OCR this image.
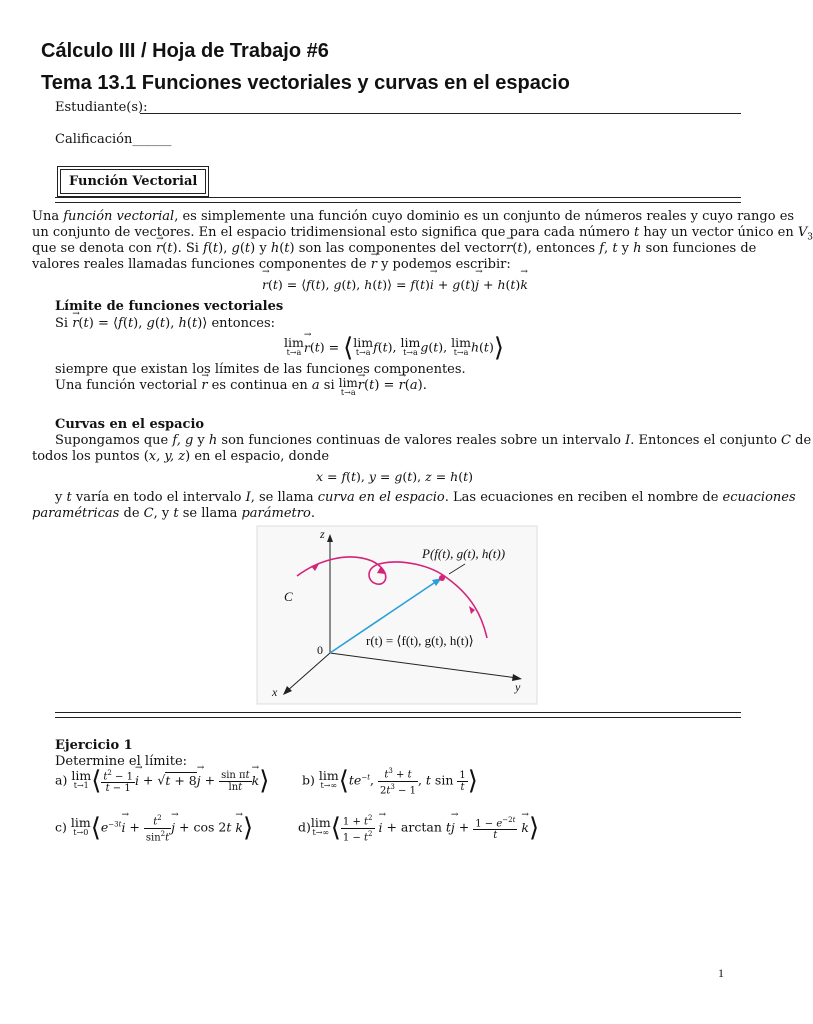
Cálculo III / Hoja de Trabajo #6
Tema 13.1 Funciones vectoriales y curvas en el espacio
Estudiante(s):
Calificación______
Función Vectorial
Una función vectorial, es simplemente una función cuyo dominio es un conjunto de números reales y cuyo rango es
un conjunto de vectores. En el espacio tridimensional esto significa que para cada número t hay un vector único en $V_3$
que se denota con → r(t). Si f(t), g(t) y h(t) son las componentes del vector→ r(t), entonces f, t y h son funciones de
valores reales llamadas funciones componentes de → r y podemos escribir:
→ r(t) = ⟨f(t), g(t), h(t)⟩ = f(t)→ i + g(t)→ j + h(t)→ k
Límite de funciones vectoriales
Si → r(t) = ⟨f(t), g(t), h(t)⟩ entonces:
lim
t→a
→ r(t) = ⟨ lim
t→a f(t), lim
t→a g(t), lim
t→a h(t)⟩
siempre que existan los límites de las funciones componentes.
Una función vectorial → r es continua en a si lim
t→a
→ r(t) = → r(a).
Curvas en el espacio
Supongamos que f, g y h son funciones continuas de valores reales sobre un intervalo I. Entonces el conjunto C de
todos los puntos (x, y, z) en el espacio, donde
x = f(t), y = g(t), z = h(t)
y t varía en todo el intervalo I, se llama curva en el espacio. Las ecuaciones en reciben el nombre de ecuaciones
paramétricas de C, y t se llama parámetro.
z
y
x
0
C
P(f(t), g(t), h(t))
r(t) = ⟨f(t), g(t), h(t)⟩
Ejercicio 1
Determine el límite:
a) lim
t→1 ⟨ $\frac{t^2 - 1}{t - 1}$
→ $i + √t + 8\to j + \frac{\text{sin πt}}{\ln t}$
→ k⟩	b) lim
t→∞ $⟨te^{-t}$, $\frac{t^3 + t}{2t^3 - 1}$ , t $\sin \frac{1}{t}$ ⟩
c) lim
t→0 $⟨e^{-3t}\to i + \frac{t^2}{\sin^2t}$
→ j + cos 2t → k⟩	d) lim
t→∞ ⟨ $\frac{1 + t^2}{1 - t^2}$
→ $i + \arctan t\to j + \frac{1 - e^{-2t}}{t}$
→ k⟩
1
